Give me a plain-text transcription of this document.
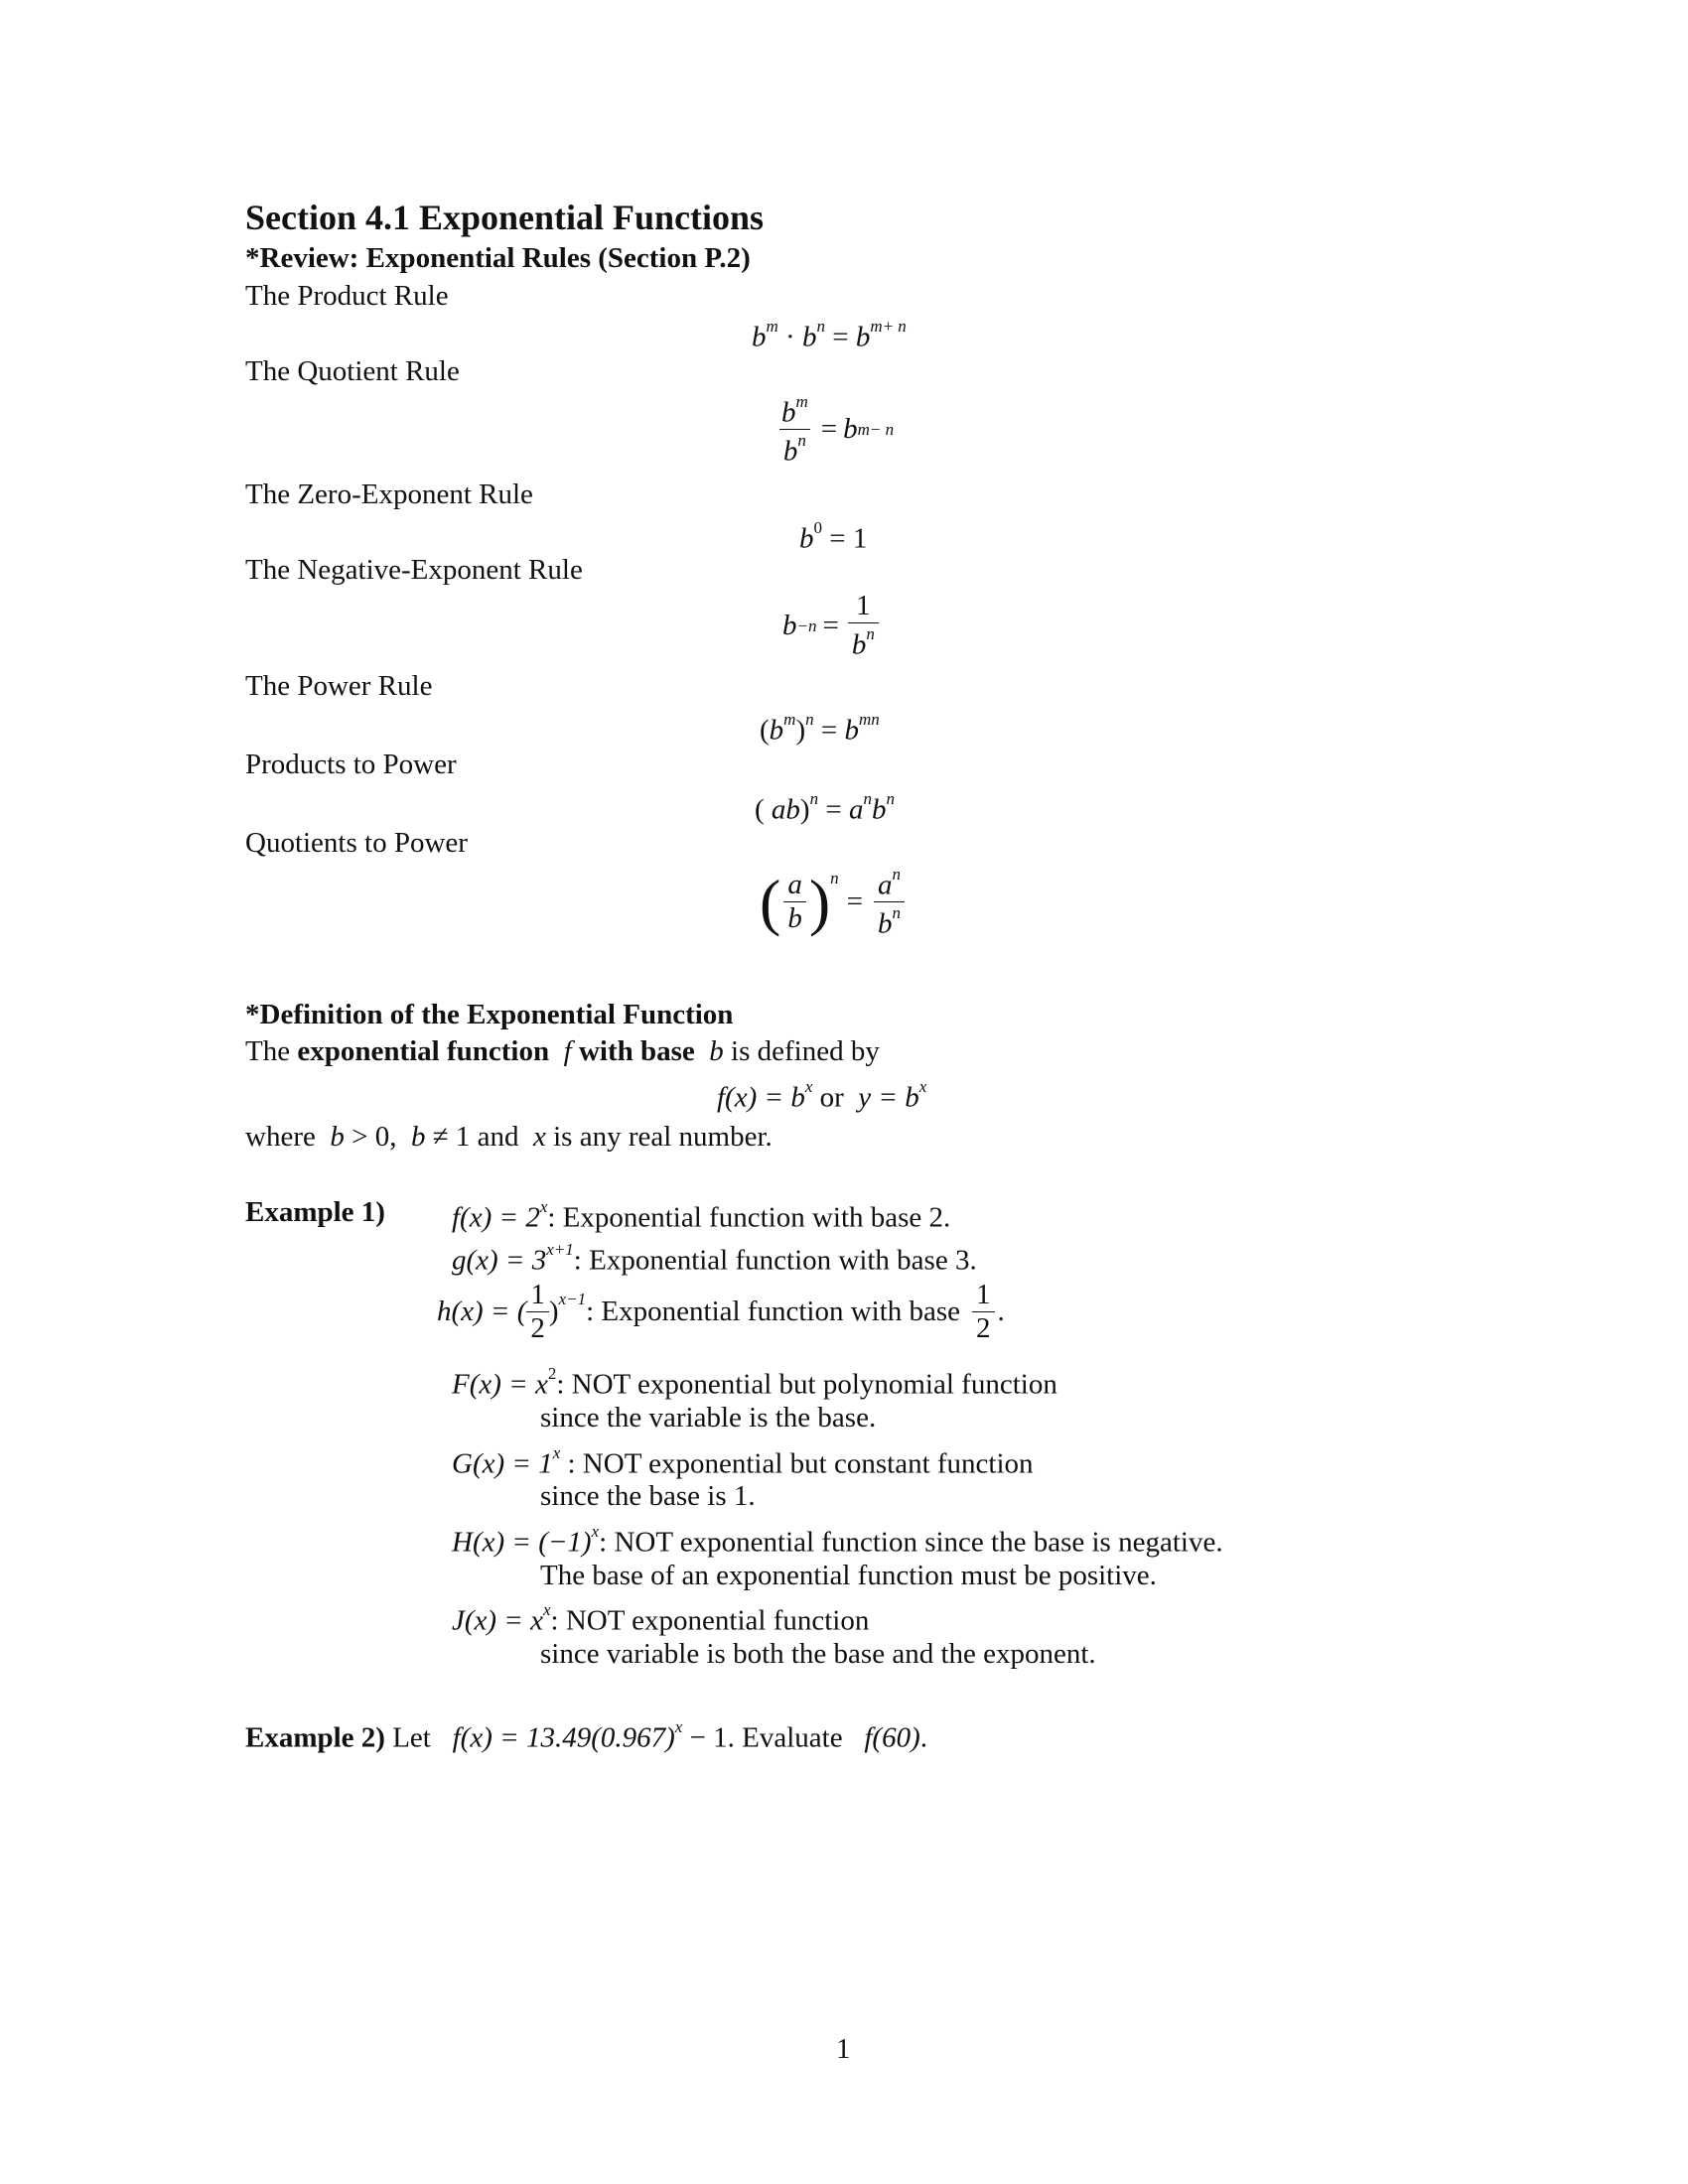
Section 4.1 Exponential Functions
*Review: Exponential Rules (Section P.2)
The Product Rule
The Quotient Rule
The Zero-Exponent Rule
The Negative-Exponent Rule
The Power Rule
Products to Power
Quotients to Power
$b^m \cdot b^n = b^{m+ n}$
$\frac{b^m}{b^n} = b$ m− n
$b^0 = 1$
$b -n = \frac{1}{b^n}$
$(b^m)^n = b^{mn}$
( $ab)^n = a^nb^n$
( $\frac{a}{b}$ ) n
= $\frac{a^n}{b^n}$
*Definition of the Exponential Function
The exponential function f with base b is defined by
$f(x) = b^x$ or $y = b^x$
where b > 0, b ≠ 1 and x is any real number.
Example 1) $f(x) = 2^x$: Exponential function with base 2.
$g(x) = 3^{x+1}$: Exponential function with base 3.
h(x) = ( $\frac{1}{2}$ ) x−1 : Exponential function with base $\frac{1}{2}$ .
$F(x) = x^2$: NOT exponential but polynomial function
since the variable is the base.
$G(x) = 1^x$ : NOT exponential but constant function
since the base is 1.
$H(x) = (-1)^x$: NOT exponential function since the base is negative.
The base of an exponential function must be positive.
$J(x) = x^x$: NOT exponential function
since variable is both the base and the exponent.
Example 2) Let $f(x) = 13.49(0.967)^x - 1$. Evaluate f(60).
1
